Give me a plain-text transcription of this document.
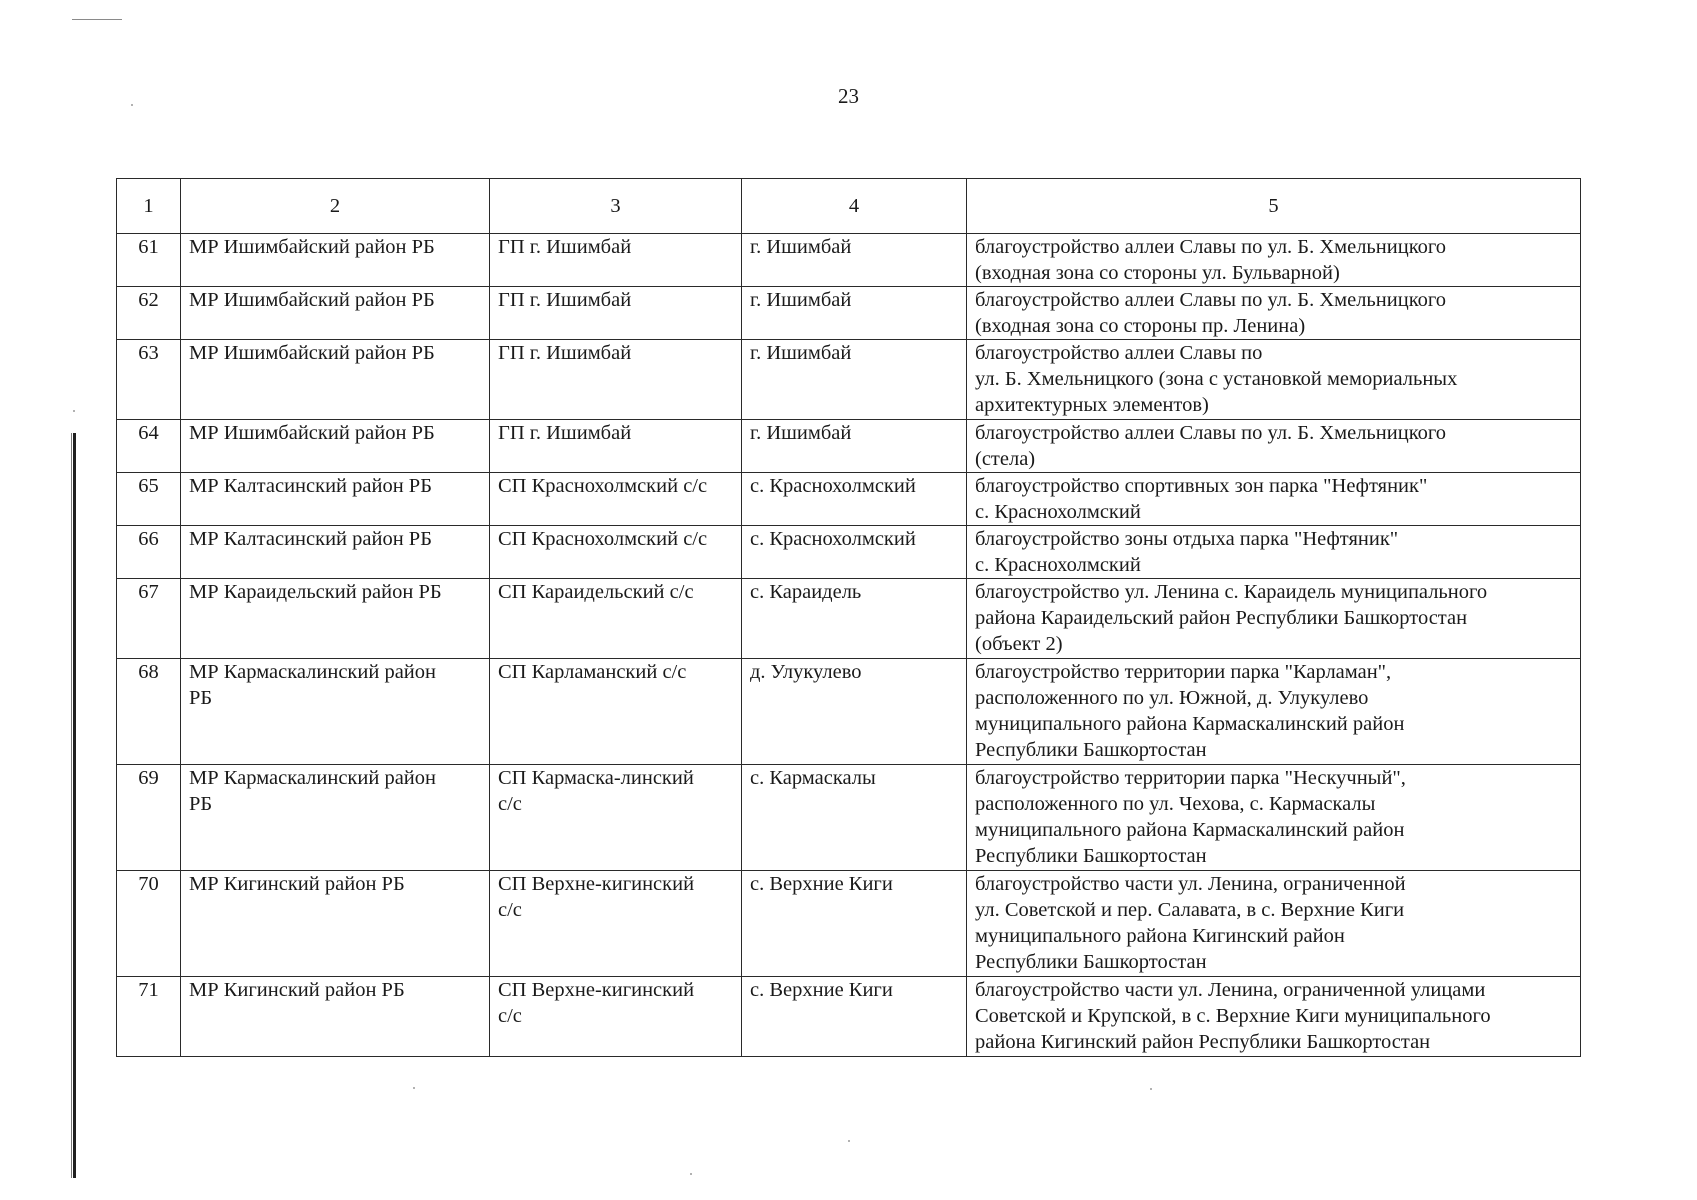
23
1	2	3	4	5
61	МР Ишимбайский район РБ	ГП г. Ишимбай	г. Ишимбай	благоустройство аллеи Славы по ул. Б. Хмельницкого
(входная зона со стороны ул. Бульварной)

62	МР Ишимбайский район РБ	ГП г. Ишимбай	г. Ишимбай	благоустройство аллеи Славы по ул. Б. Хмельницкого
(входная зона со стороны пр. Ленина)

63	МР Ишимбайский район РБ	ГП г. Ишимбай	г. Ишимбай	благоустройство аллеи Славы по
ул. Б. Хмельницкого (зона с установкой мемориальных
архитектурных элементов)

64	МР Ишимбайский район РБ	ГП г. Ишимбай	г. Ишимбай	благоустройство аллеи Славы по ул. Б. Хмельницкого
(стела)

65	МР Калтасинский район РБ	СП Краснохолмский с/с	с. Краснохолмский	благоустройство спортивных зон парка "Нефтяник"
с. Краснохолмский

66	МР Калтасинский район РБ	СП Краснохолмский с/с	с. Краснохолмский	благоустройство зоны отдыха парка "Нефтяник"
с. Краснохолмский

67	МР Караидельский район РБ	СП Караидельский с/с	с. Караидель	благоустройство ул. Ленина с. Караидель муниципального
района Караидельский район Республики Башкортостан
(объект 2)

68	МР Кармаскалинский район
РБ	СП Карламанский с/с	д. Улукулево	благоустройство территории парка "Карламан",
расположенного по ул. Южной, д. Улукулево
муниципального района Кармаскалинский район
Республики Башкортостан

69	МР Кармаскалинский район
РБ	СП Кармаска-линский
с/с	с. Кармаскалы	благоустройство территории парка "Нескучный",
расположенного по ул. Чехова, с. Кармаскалы
муниципального района Кармаскалинский район
Республики Башкортостан

70	МР Кигинский район РБ	СП Верхне-кигинский
с/с	с. Верхние Киги	благоустройство части ул. Ленина, ограниченной
ул. Советской и пер. Салавата, в с. Верхние Киги
муниципального района Кигинский район
Республики Башкортостан

71	МР Кигинский район РБ	СП Верхне-кигинский
с/с	с. Верхние Киги	благоустройство части ул. Ленина, ограниченной улицами
Советской и Крупской, в с. Верхние Киги муниципального
района Кигинский район Республики Башкортостан
